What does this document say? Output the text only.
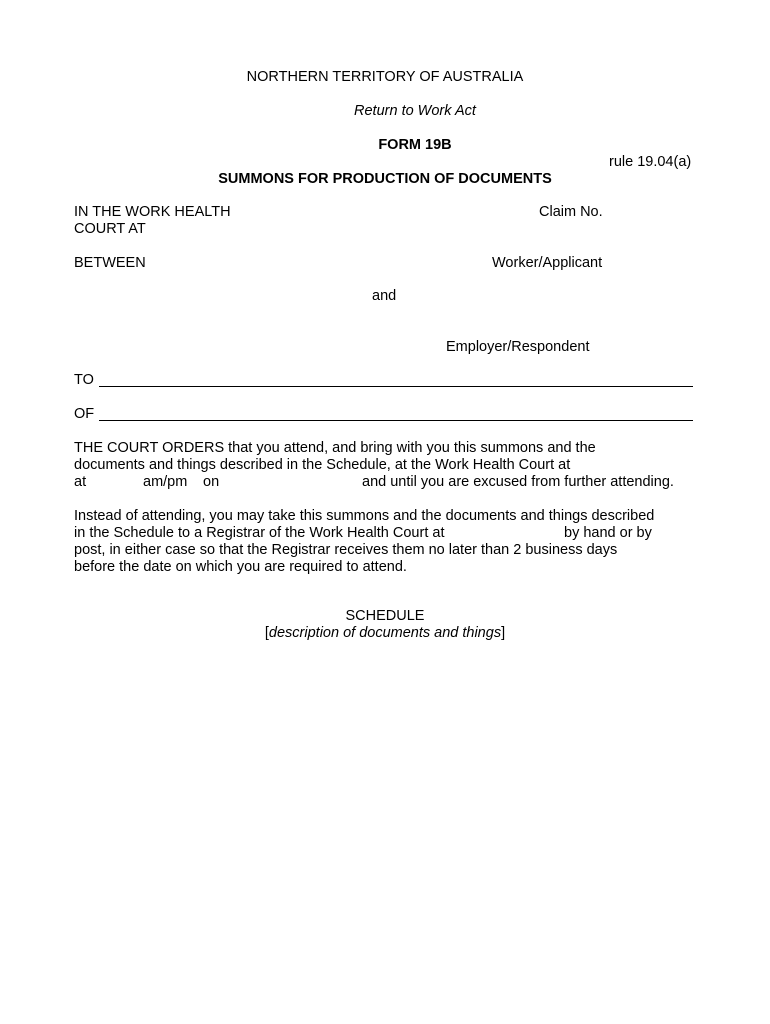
NORTHERN TERRITORY OF AUSTRALIA
Return to Work Act
FORM 19B
rule 19.04(a)
SUMMONS FOR PRODUCTION OF DOCUMENTS
IN THE WORK HEALTH
COURT AT
Claim No.
BETWEEN	Worker/Applicant
and
Employer/Respondent
TO
OF
THE COURT ORDERS that you attend, and bring with you this summons and the
documents and things described in the Schedule, at the Work Health Court at
at	am/pm on	and until you are excused from further attending.
Instead of attending, you may take this summons and the documents and things described
in the Schedule to a Registrar of the Work Health Court at	by hand or by
post, in either case so that the Registrar receives them no later than 2 business days
before the date on which you are required to attend.
SCHEDULE
[description of documents and things]
